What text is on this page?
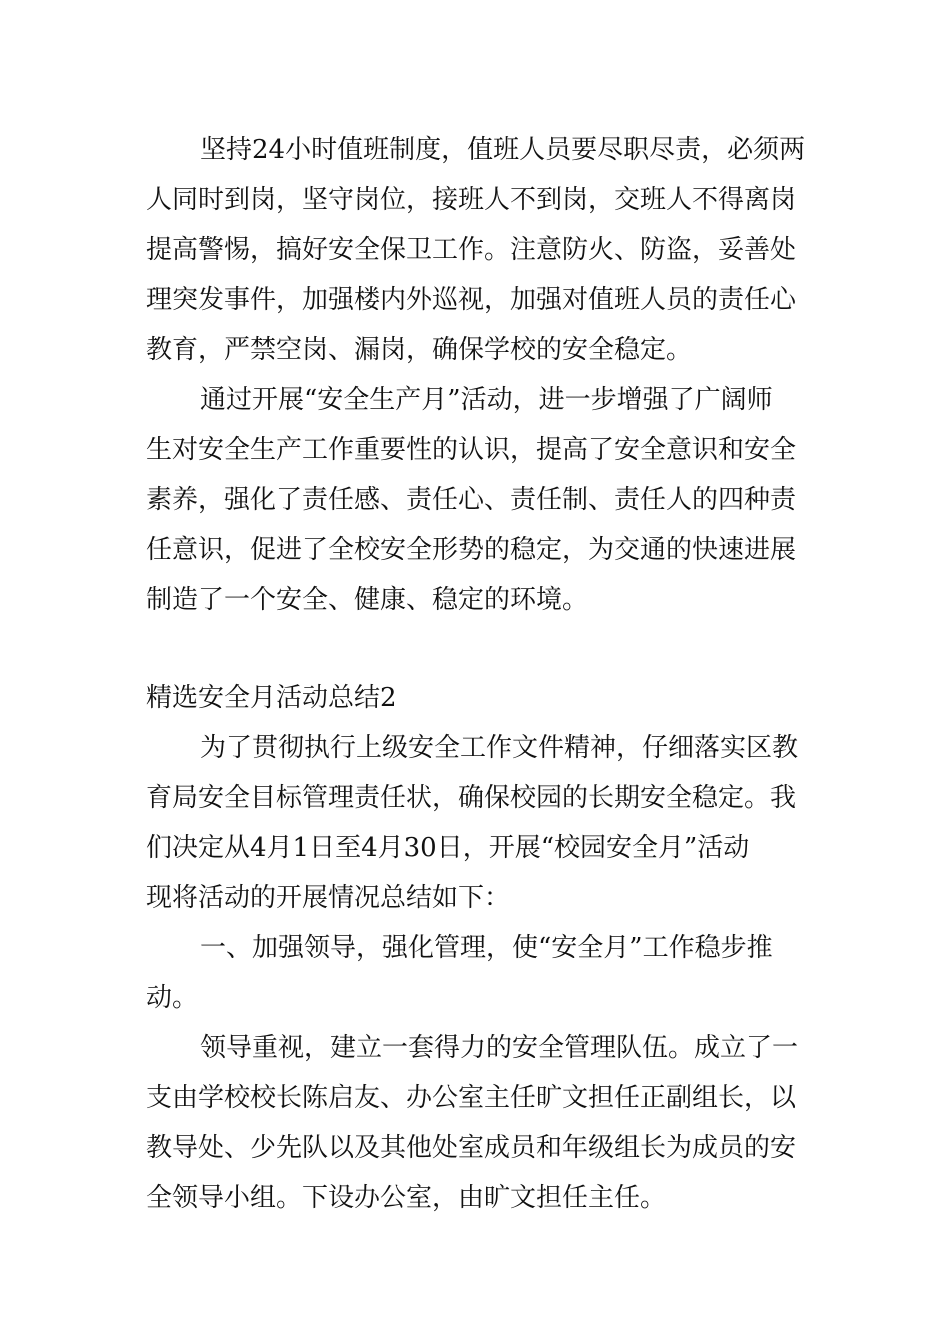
坚持24小时值班制度，值班人员要尽职尽责，必须两
人同时到岗，坚守岗位，接班人不到岗，交班人不得离岗
提高警惕，搞好安全保卫工作。注意防火、防盗，妥善处
理突发事件，加强楼内外巡视，加强对值班人员的责任心
教育，严禁空岗、漏岗，确保学校的安全稳定。
通过开展“安全生产月”活动，进一步增强了广阔师
生对安全生产工作重要性的认识，提高了安全意识和安全
素养，强化了责任感、责任心、责任制、责任人的四种责
任意识，促进了全校安全形势的稳定，为交通的快速进展
制造了一个安全、健康、稳定的环境。
精选安全月活动总结2
为了贯彻执行上级安全工作文件精神，仔细落实区教
育局安全目标管理责任状，确保校园的长期安全稳定。我
们决定从4月1日至4月30日，开展“校园安全月”活动
现将活动的开展情况总结如下：
一、加强领导，强化管理，使“安全月”工作稳步推
动。
领导重视，建立一套得力的安全管理队伍。成立了一
支由学校校长陈启友、办公室主任旷文担任正副组长，以
教导处、少先队以及其他处室成员和年级组长为成员的安
全领导小组。下设办公室，由旷文担任主任。
